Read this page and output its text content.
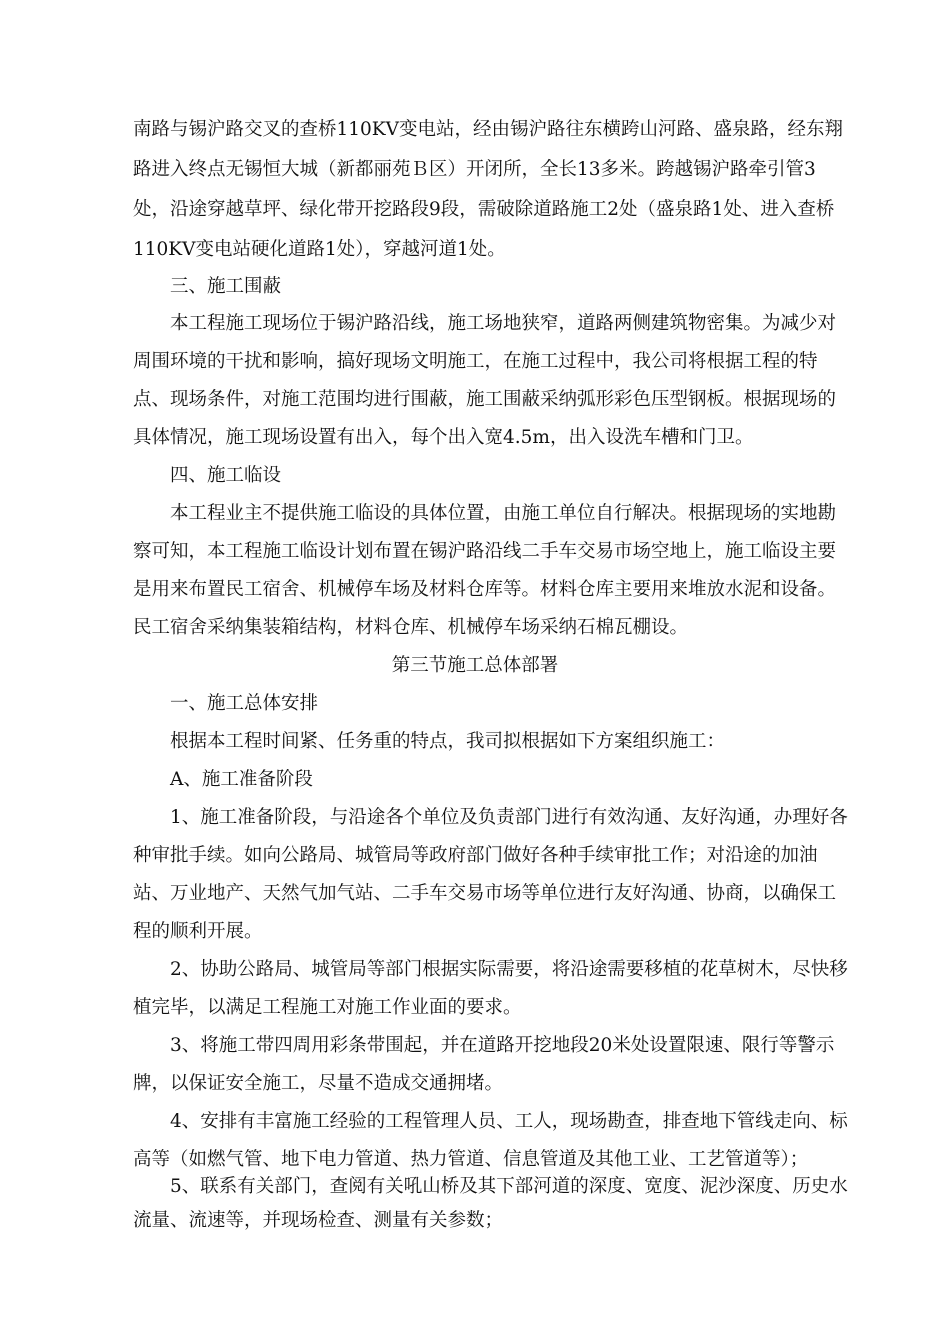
南路与锡沪路交叉的查桥110KV变电站，经由锡沪路往东横跨山河路、盛泉路，经东翔
路进入终点无锡恒大城（新都丽苑Ｂ区）开闭所，全长13多米。跨越锡沪路牵引管3
处，沿途穿越草坪、绿化带开挖路段9段，需破除道路施工2处（盛泉路1处、进入查桥
110KV变电站硬化道路1处），穿越河道1处。
三、施工围蔽
本工程施工现场位于锡沪路沿线，施工场地狭窄，道路两侧建筑物密集。为减少对
周围环境的干扰和影响，搞好现场文明施工，在施工过程中，我公司将根据工程的特
点、现场条件，对施工范围均进行围蔽，施工围蔽采纳弧形彩色压型钢板。根据现场的
具体情况，施工现场设置有出入，每个出入宽4.5m，出入设洗车槽和门卫。
四、施工临设
本工程业主不提供施工临设的具体位置，由施工单位自行解决。根据现场的实地勘
察可知，本工程施工临设计划布置在锡沪路沿线二手车交易市场空地上，施工临设主要
是用来布置民工宿舍、机械停车场及材料仓库等。材料仓库主要用来堆放水泥和设备。
民工宿舍采纳集装箱结构，材料仓库、机械停车场采纳石棉瓦棚设。
第三节施工总体部署
一、施工总体安排
根据本工程时间紧、任务重的特点，我司拟根据如下方案组织施工：
A、施工准备阶段
1、施工准备阶段，与沿途各个单位及负责部门进行有效沟通、友好沟通，办理好各
种审批手续。如向公路局、城管局等政府部门做好各种手续审批工作；对沿途的加油
站、万业地产、天然气加气站、二手车交易市场等单位进行友好沟通、协商，以确保工
程的顺利开展。
2、协助公路局、城管局等部门根据实际需要，将沿途需要移植的花草树木，尽快移
植完毕，以满足工程施工对施工作业面的要求。
3、将施工带四周用彩条带围起，并在道路开挖地段20米处设置限速、限行等警示
牌，以保证安全施工，尽量不造成交通拥堵。
4、安排有丰富施工经验的工程管理人员、工人，现场勘查，排查地下管线走向、标
高等（如燃气管、地下电力管道、热力管道、信息管道及其他工业、工艺管道等）；
5、联系有关部门，查阅有关吼山桥及其下部河道的深度、宽度、泥沙深度、历史水
流量、流速等，并现场检查、测量有关参数；
